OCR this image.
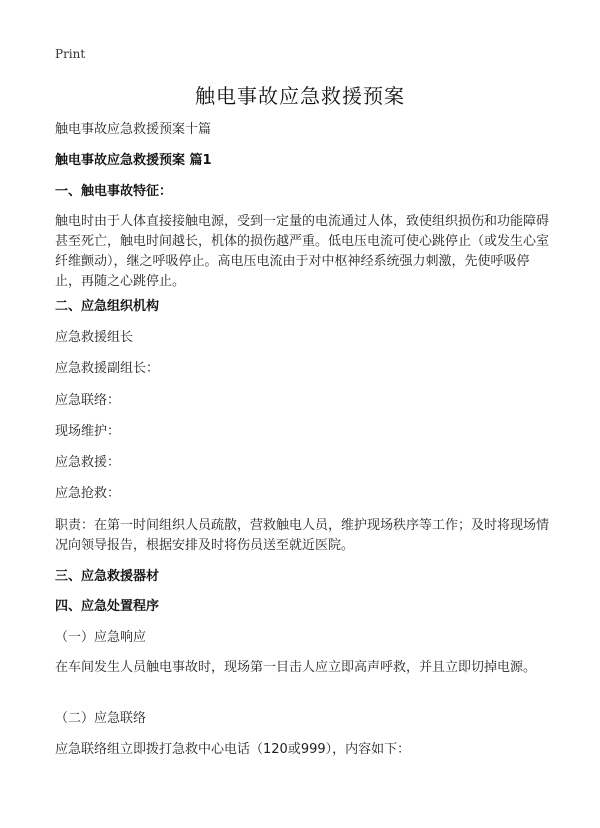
Print
触电事故应急救援预案

触电事故应急救援预案十篇

触电事故应急救援预案 篇1

一、触电事故特征：

触电时由于人体直接接触电源，受到一定量的电流通过人体，致使组织损伤和功能障碍甚至死亡，触电时间越长，机体的损伤越严重。低电压电流可使心跳停止（或发生心室纤维颤动），继之呼吸停止。高电压电流由于对中枢神经系统强力刺激，先使呼吸停止，再随之心跳停止。

二、应急组织机构

应急救援组长

应急救援副组长：

应急联络：

现场维护：

应急救援：

应急抢救：

职责：在第一时间组织人员疏散，营救触电人员，维护现场秩序等工作；及时将现场情况向领导报告，根据安排及时将伤员送至就近医院。

三、应急救援器材

四、应急处置程序

（一）应急响应

在车间发生人员触电事故时，现场第一目击人应立即高声呼救，并且立即切掉电源。

（二）应急联络

应急联络组立即拨打急救中心电话（120或999），内容如下：
